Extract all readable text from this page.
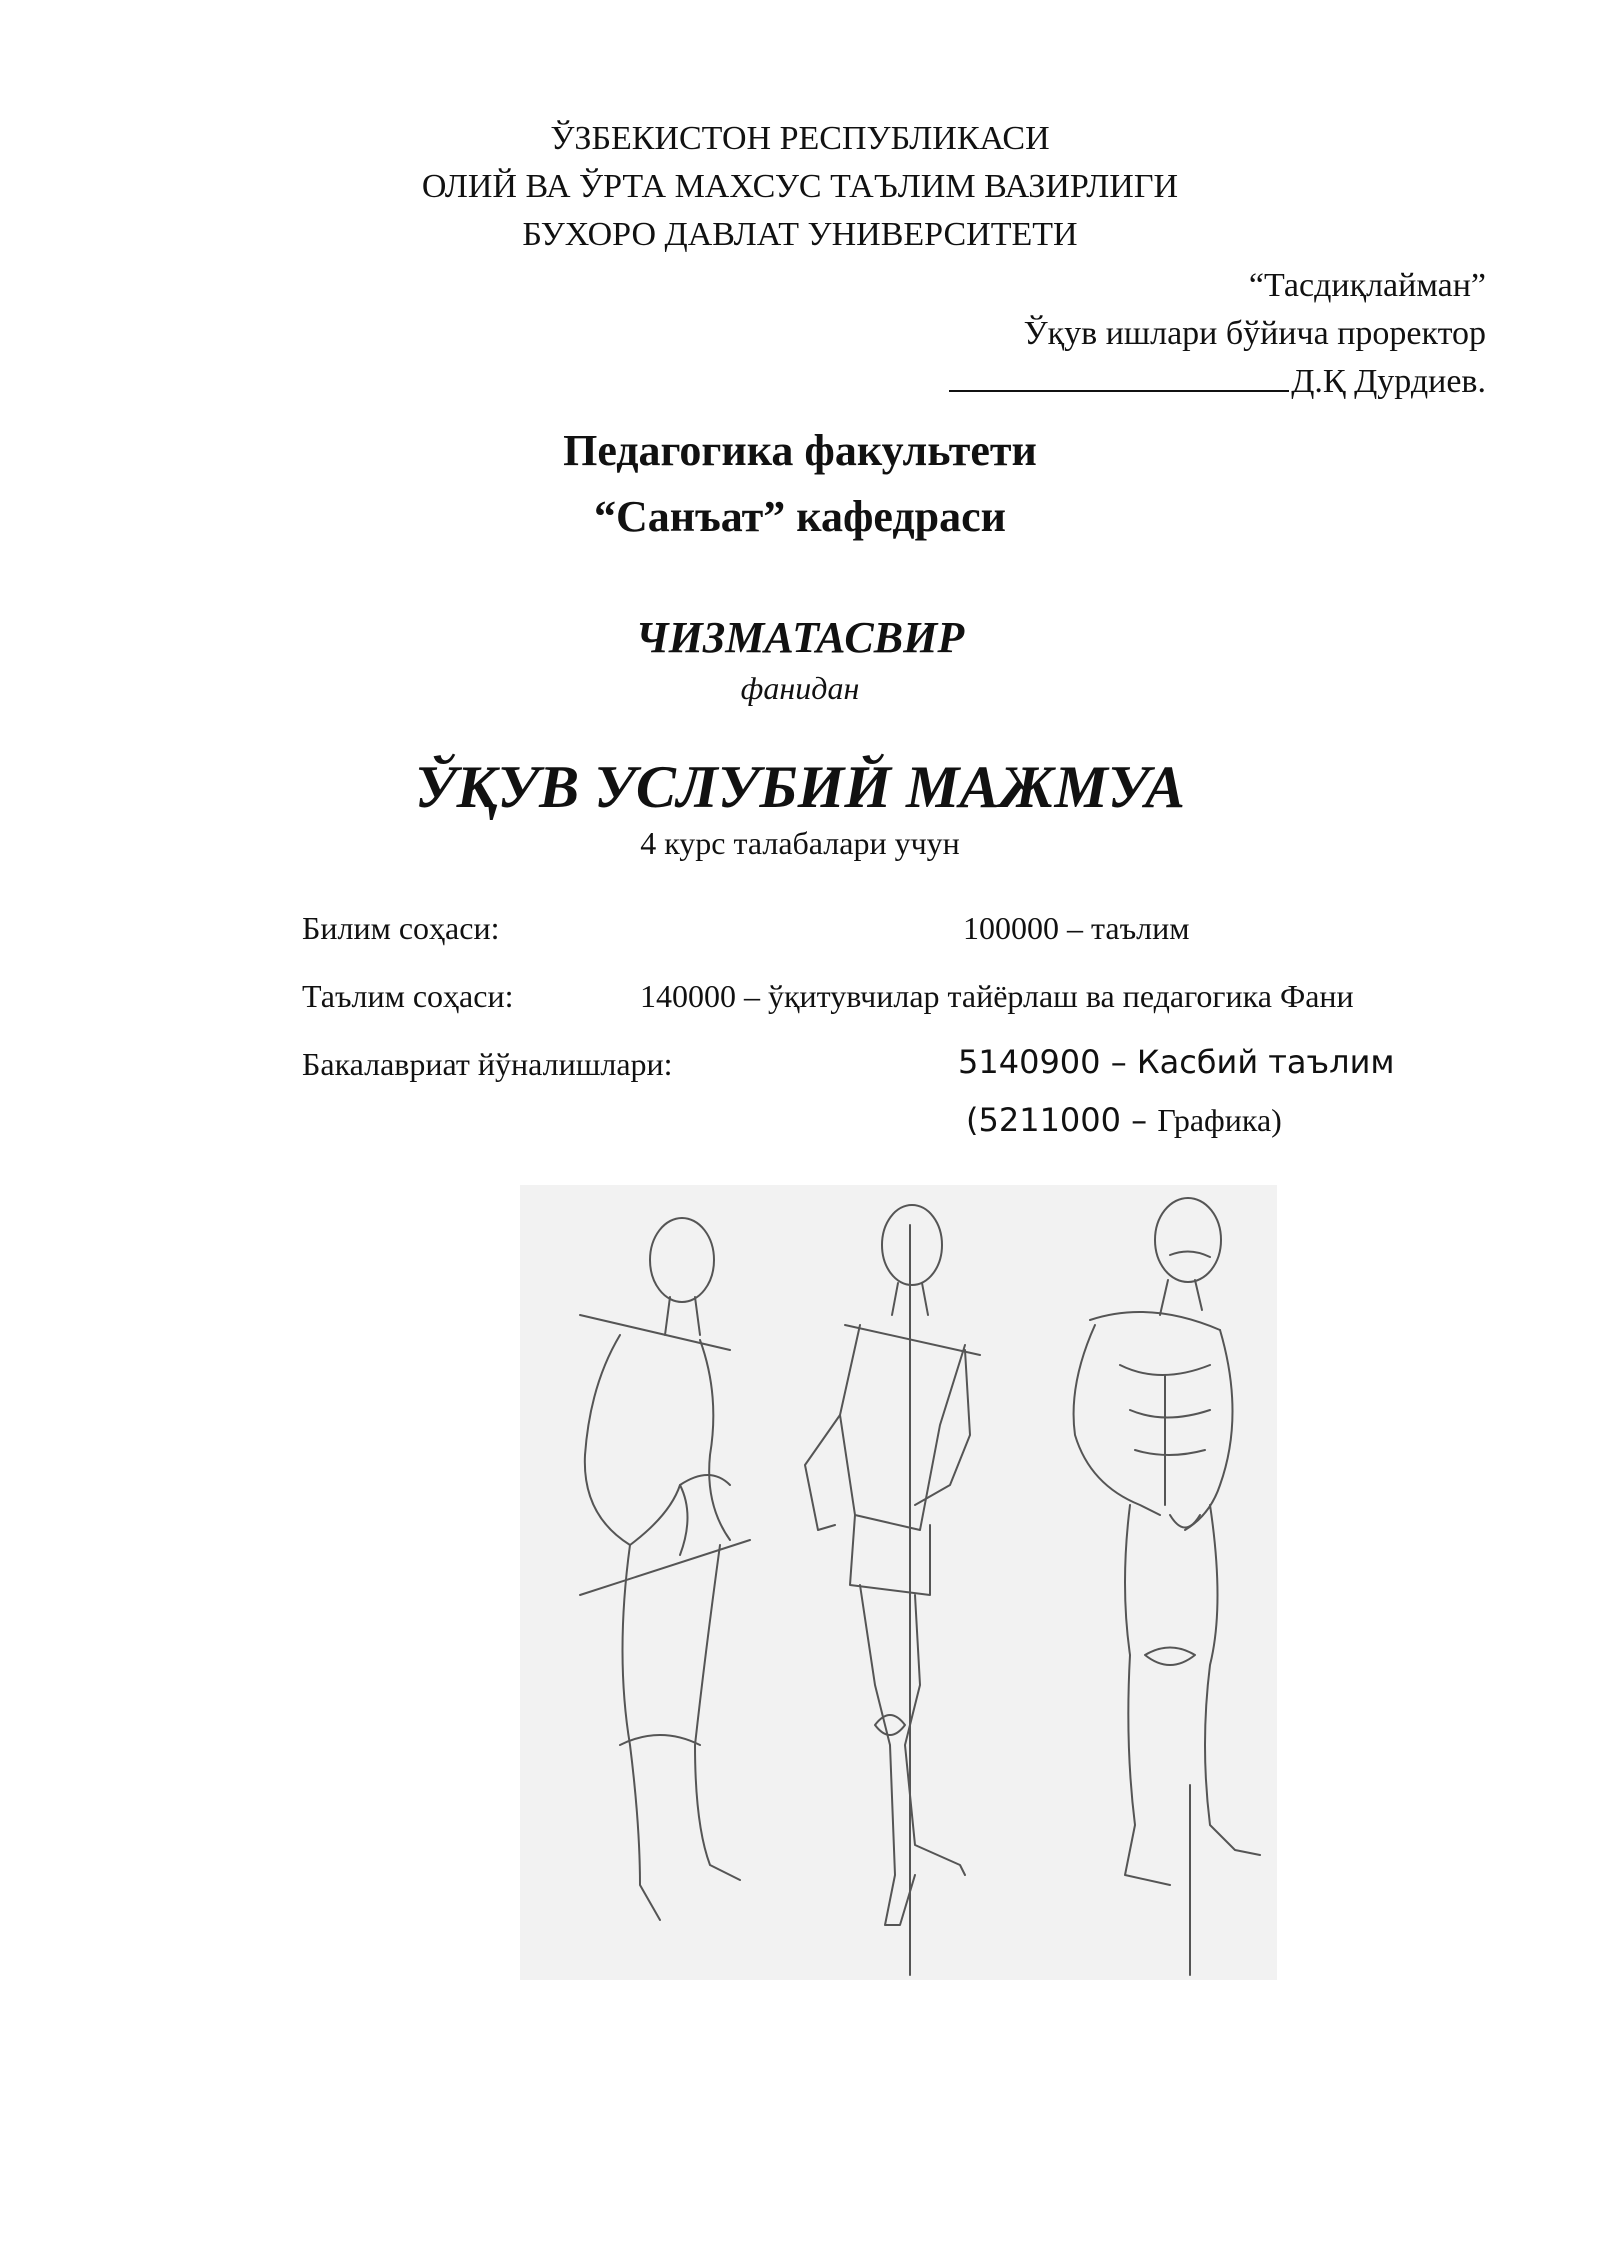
ЎЗБЕКИСТОН РЕСПУБЛИКАСИ
ОЛИЙ ВА ЎРТА МАХСУС ТАЪЛИМ ВАЗИРЛИГИ
БУХОРО ДАВЛАТ УНИВЕРСИТЕТИ
“Тасдиқлайман”
Ўқув ишлари бўйича проректор
Д.Қ Дурдиев.
Педагогика факультети
“Санъат” кафедраси
ЧИЗМАТАСВИР
фанидан
ЎҚУВ УСЛУБИЙ МАЖМУА
4 курс талабалари учун
Билим соҳаси:	100000 – таълим
Таълим соҳаси:	140000 – ўқитувчилар тайёрлаш ва педагогика Фани
Бакалавриат йўналишлари:	5140900 – Касбий таълим
(5211000 – Графика)
